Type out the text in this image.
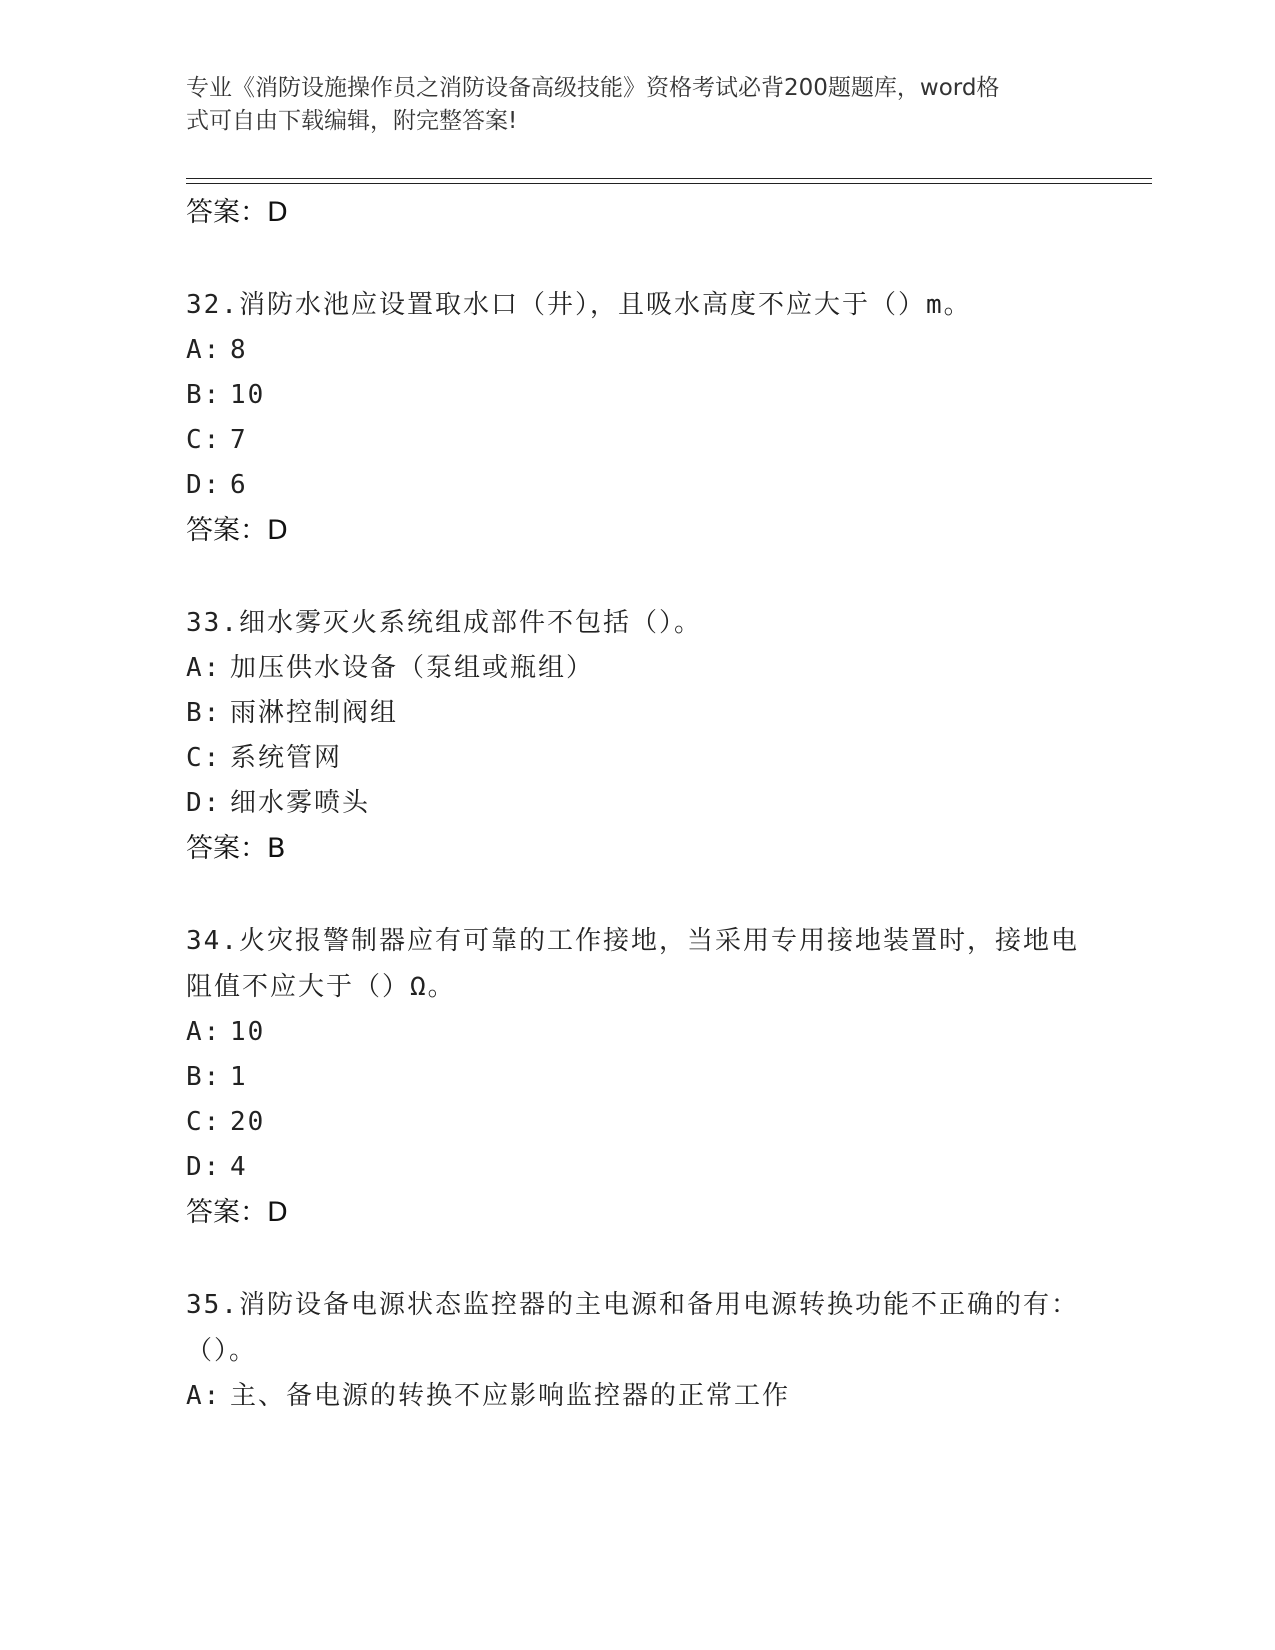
专业《消防设施操作员之消防设备高级技能》资格考试必背200题题库，word格
式可自由下载编辑，附完整答案!
答案：D
32.消防水池应设置取水口（井），且吸水高度不应大于（）m。
A: 8
B: 10
C: 7
D: 6
答案：D
33.细水雾灭火系统组成部件不包括（）。
A: 加压供水设备（泵组或瓶组）
B: 雨淋控制阀组
C: 系统管网
D: 细水雾喷头
答案：B
34.火灾报警制器应有可靠的工作接地，当采用专用接地装置时，接地电阻值不应大于（）Ω。
A: 10
B: 1
C: 20
D: 4
答案：D
35.消防设备电源状态监控器的主电源和备用电源转换功能不正确的有：（）。
A: 主、备电源的转换不应影响监控器的正常工作
